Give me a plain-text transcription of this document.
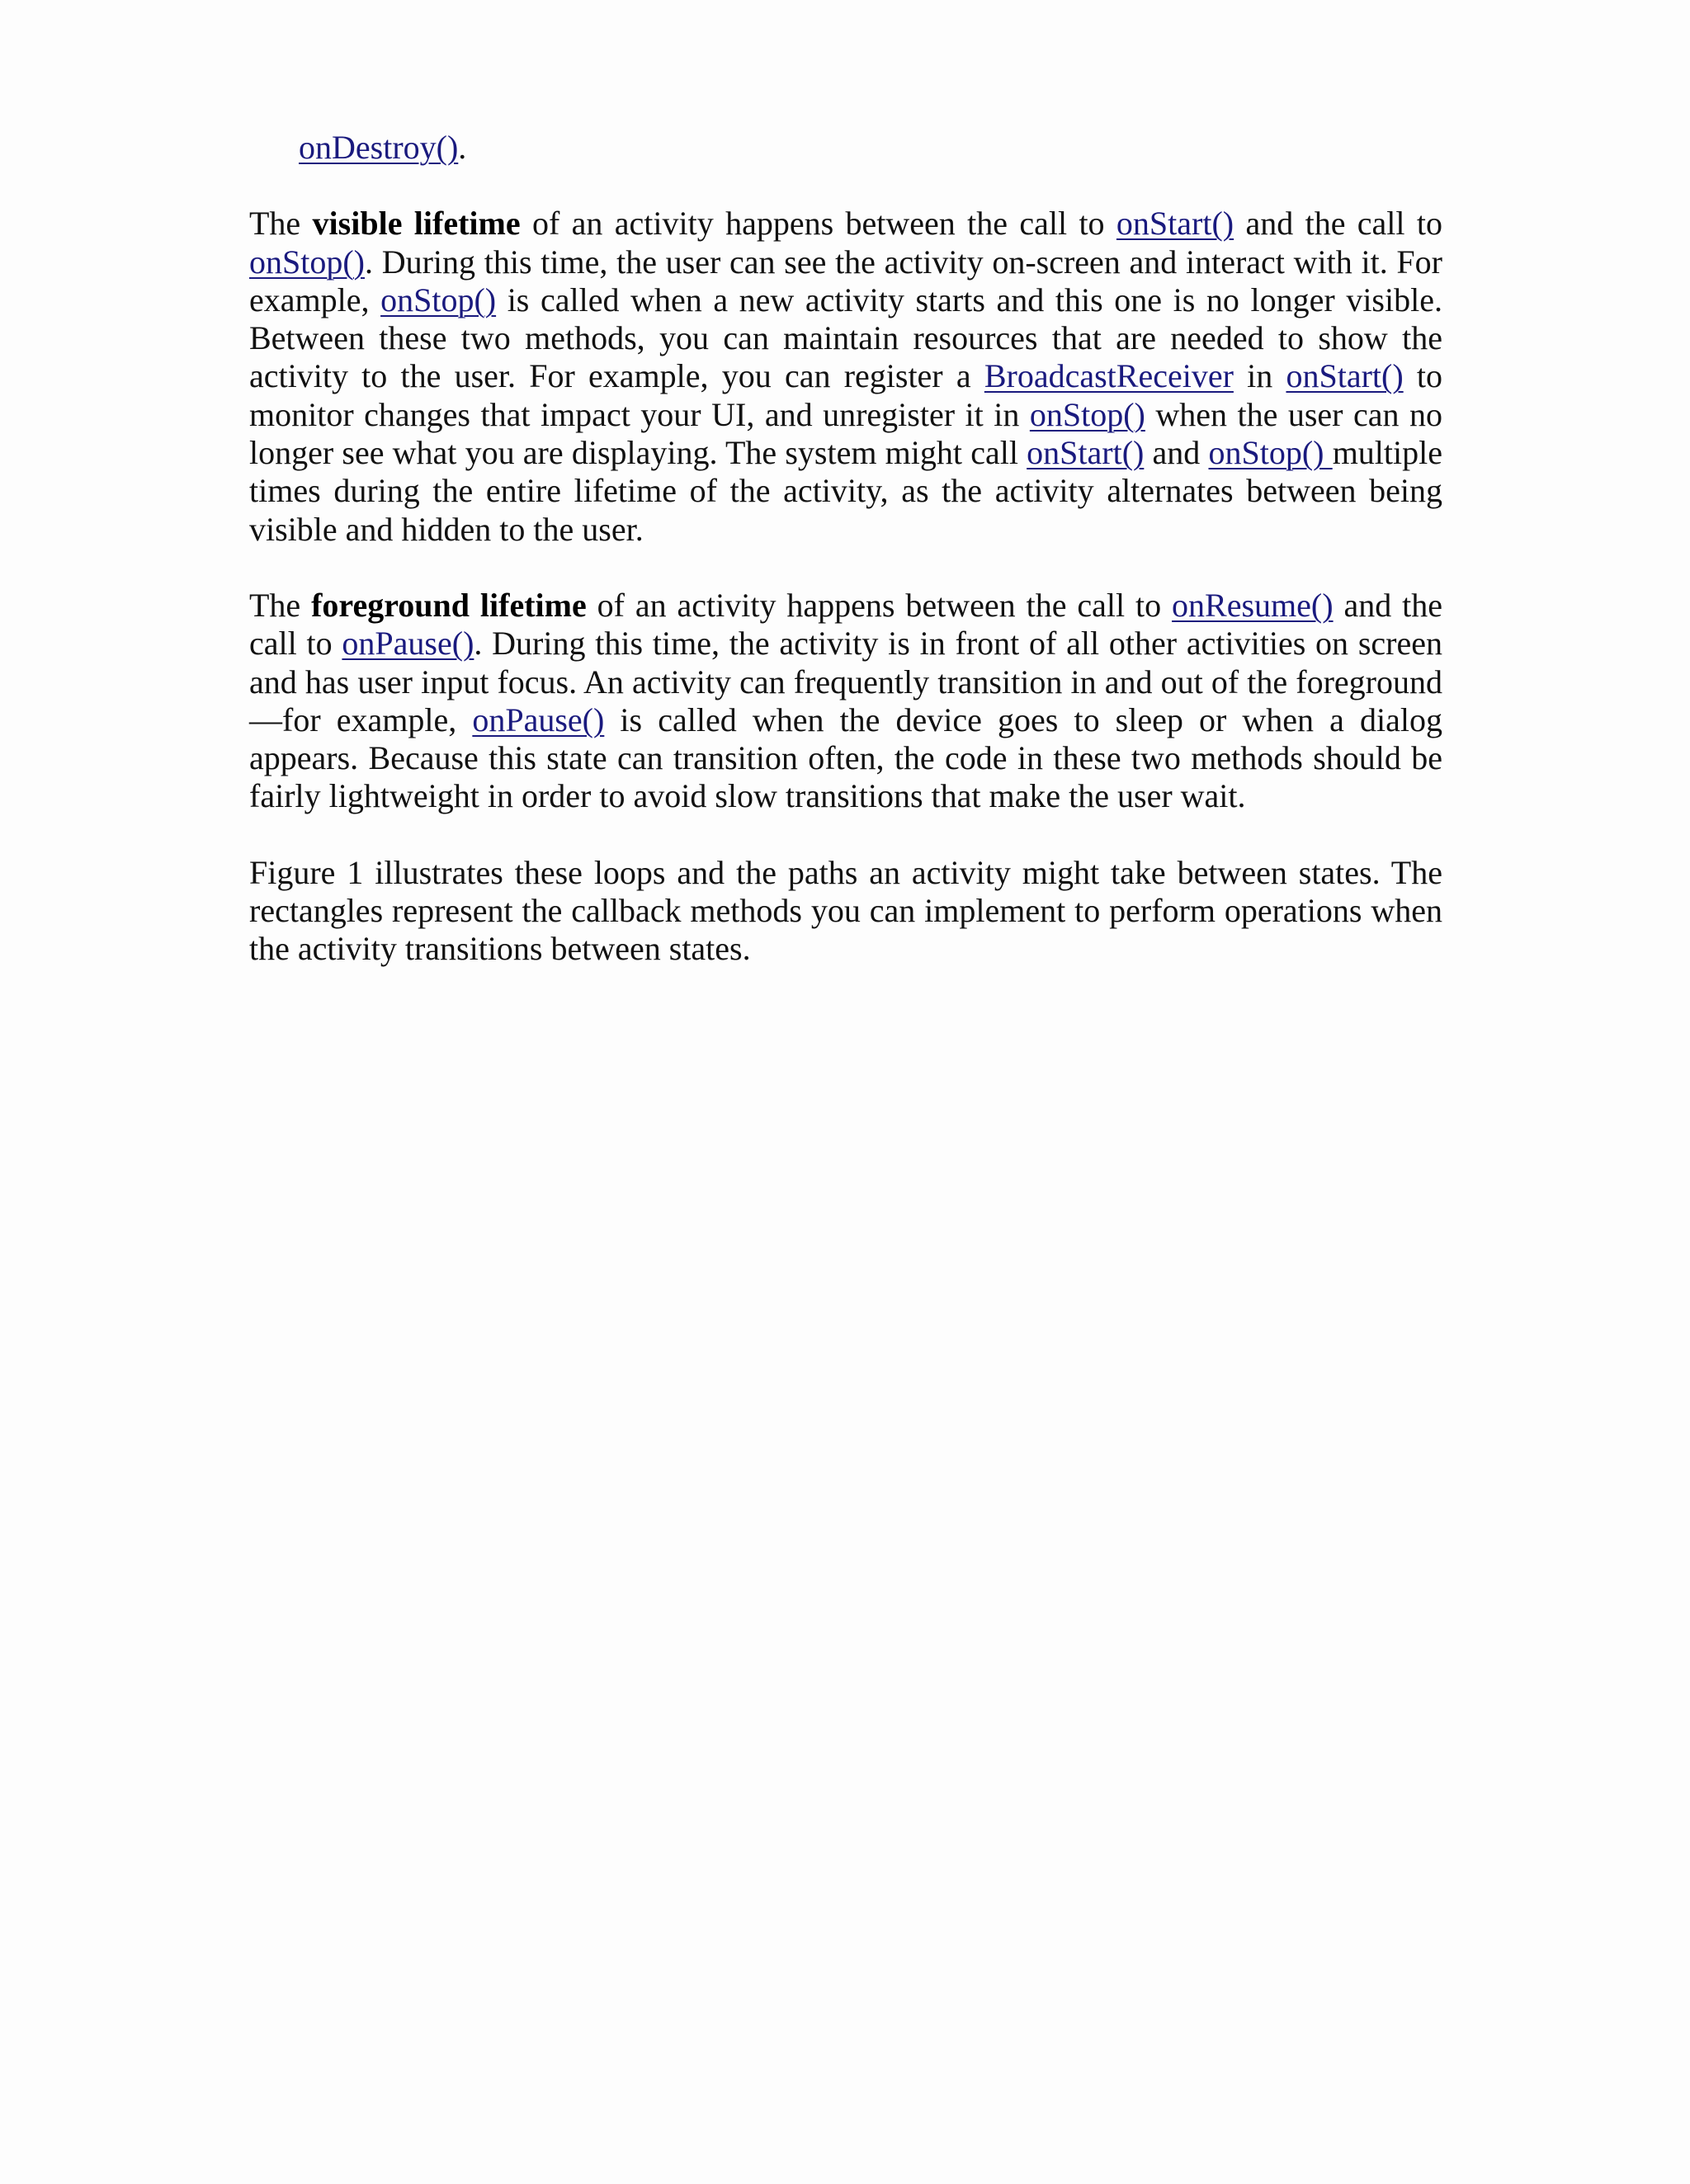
onDestroy().

The visible lifetime of an activity happens between the call to onStart() and the call to onStop(). During this time, the user can see the activity on-screen and interact with it. For example, onStop() is called when a new activity starts and this one is no longer visible. Between these two methods, you can maintain resources that are needed to show the activity to the user. For example, you can register a BroadcastReceiver in onStart() to monitor changes that impact your UI, and unregister it in onStop() when the user can no longer see what you are displaying. The system might call onStart() and onStop() multiple times during the entire lifetime of the activity, as the activity alternates between being visible and hidden to the user.

The foreground lifetime of an activity happens between the call to onResume() and the call to onPause(). During this time, the activity is in front of all other activities on screen and has user input focus. An activity can frequently transition in and out of the foreground—for example, onPause() is called when the device goes to sleep or when a dialog appears. Because this state can transition often, the code in these two methods should be fairly lightweight in order to avoid slow transitions that make the user wait.

Figure 1 illustrates these loops and the paths an activity might take between states. The rectangles represent the callback methods you can implement to perform operations when the activity transitions between states.
